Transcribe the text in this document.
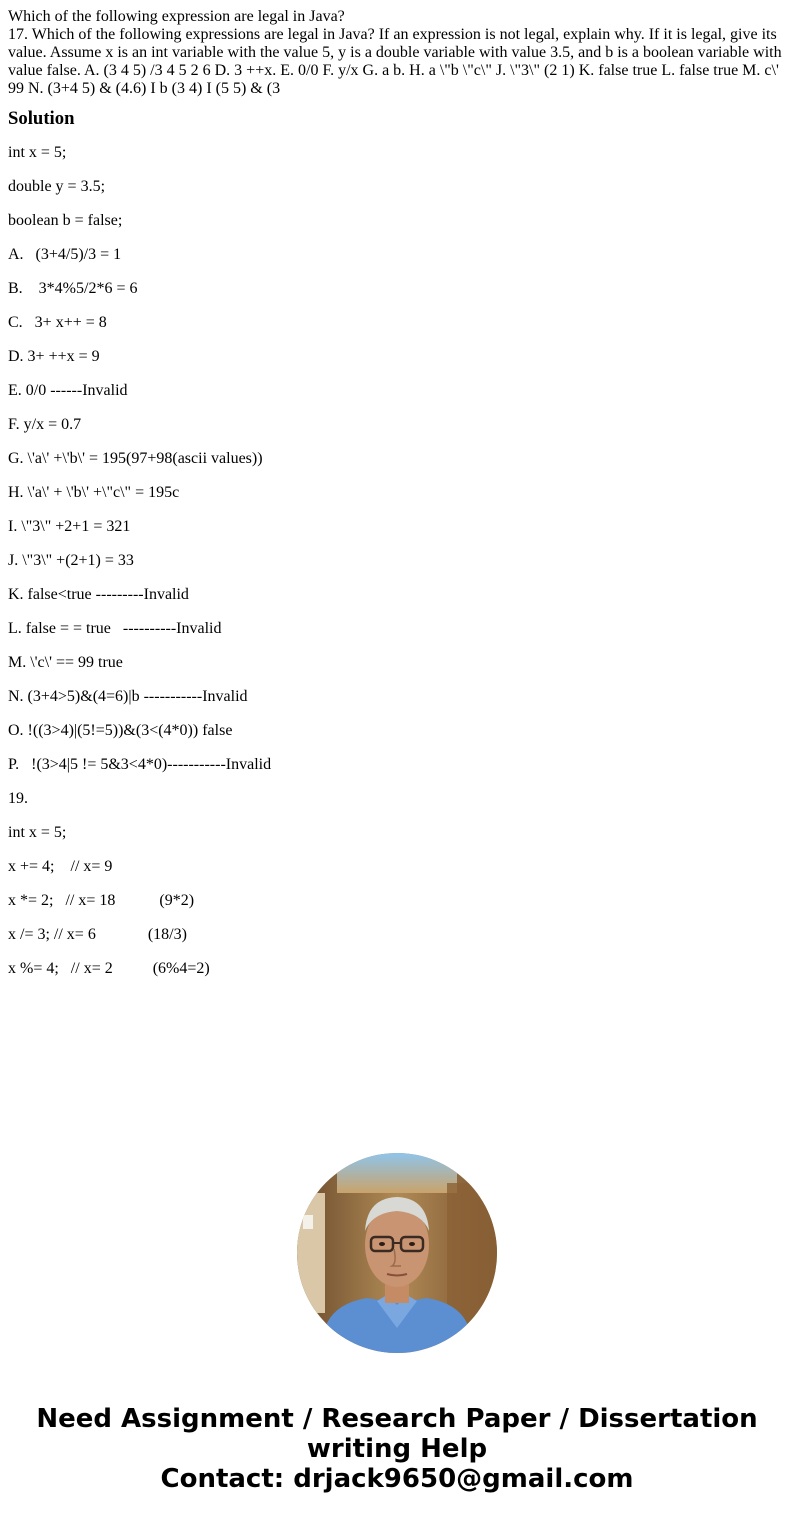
Which of the following expression are legal in Java?
17. Which of the following expressions are legal in Java? If an expression is not legal, explain why. If it is legal, give its value. Assume x is an int variable with the value 5, y is a double variable with value 3.5, and b is a boolean variable with value false. A. (3 4 5) /3 4 5 2 6 D. 3 ++x. E. 0/0 F. y/x G. a b. H. a \"b \"c\" J. \"3\" (2 1) K. false true L. false true M. c\' 99 N. (3+4 5) & (4.6) I b (3 4) I (5 5) & (3
Solution

int x = 5;

double y = 3.5;

boolean b = false;

A.   (3+4/5)/3 = 1

B.    3*4%5/2*6 = 6

C.   3+ x++ = 8

D. 3+ ++x = 9

E. 0/0 ------Invalid

F. y/x = 0.7

G. \'a\' +\'b\' = 195(97+98(ascii values))

H. \'a\' + \'b\' +\"c\" = 195c

I. \"3\" +2+1 = 321

J. \"3\" +(2+1) = 33

K. false<true ---------Invalid

L. false = = true   ----------Invalid

M. \'c\' == 99 true

N. (3+4>5)&(4=6)|b -----------Invalid

O. !((3>4)|(5!=5))&(3<(4*0)) false

P.   !(3>4|5 != 5&3<4*0)-----------Invalid

19.

int x = 5;

x += 4;    // x= 9

x *= 2;   // x= 18           (9*2)

x /= 3; // x= 6             (18/3)

x %= 4;   // x= 2          (6%4=2)

Need Assignment / Research Paper / Dissertation
writing Help
Contact: drjack9650@gmail.com
